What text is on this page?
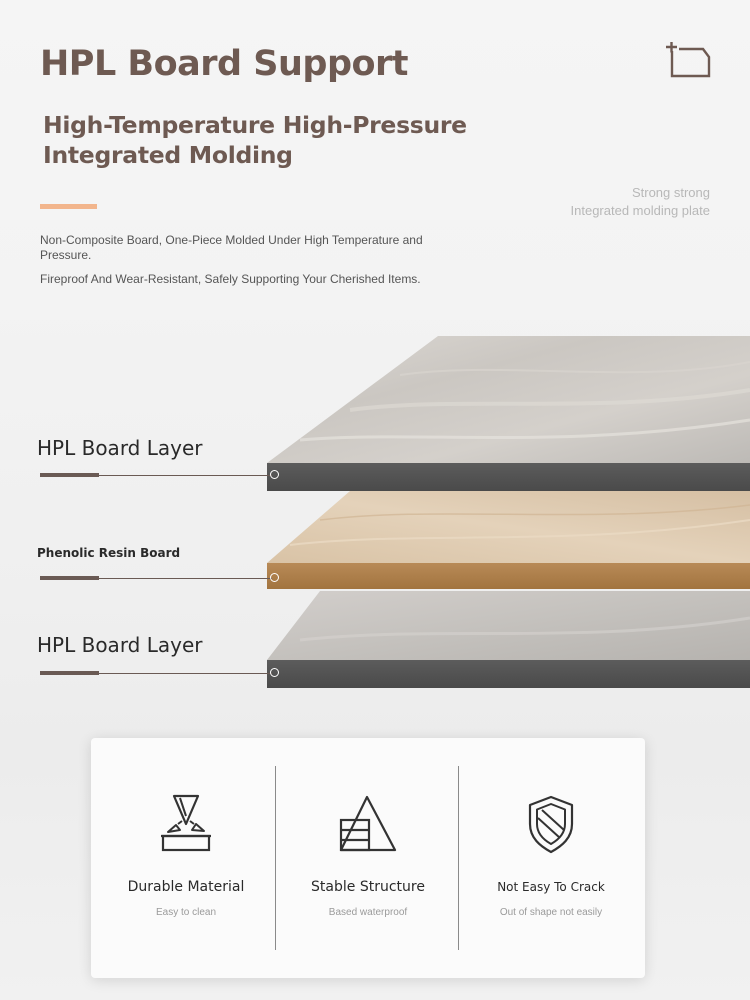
HPL Board Support
High-Temperature High-Pressure
Integrated Molding
Strong strong
Integrated molding plate
Non-Composite Board, One-Piece Molded Under High Temperature and Pressure.
Fireproof And Wear-Resistant, Safely Supporting Your Cherished Items.
HPL Board Layer
Phenolic Resin Board
HPL Board Layer
Durable Material
Easy to clean
Stable Structure
Based waterproof
Not Easy To Crack
Out of shape not easily
